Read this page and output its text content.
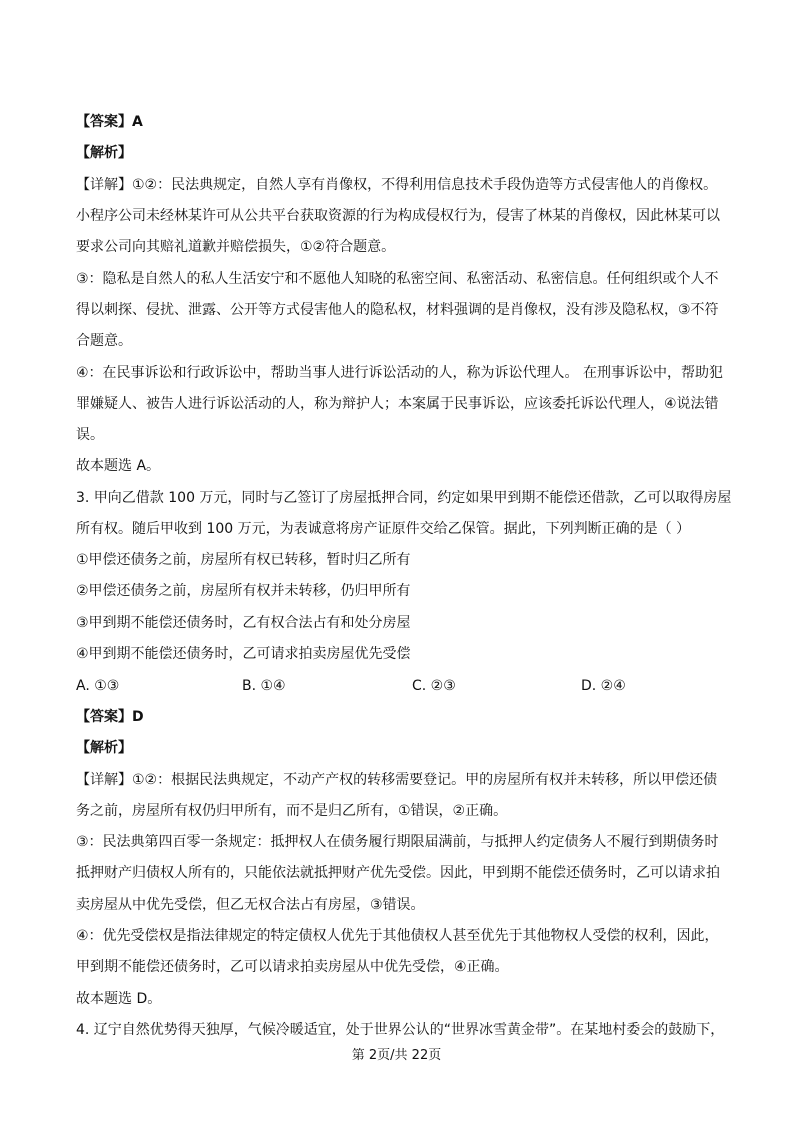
【答案】A
【解析】
【详解】①②：民法典规定，自然人享有肖像权，不得利用信息技术手段伪造等方式侵害他人的肖像权。
小程序公司未经林某许可从公共平台获取资源的行为构成侵权行为，侵害了林某的肖像权，因此林某可以
要求公司向其赔礼道歉并赔偿损失，①②符合题意。
③：隐私是自然人的私人生活安宁和不愿他人知晓的私密空间、私密活动、私密信息。任何组织或个人不
得以刺探、侵扰、泄露、公开等方式侵害他人的隐私权，材料强调的是肖像权，没有涉及隐私权，③不符
合题意。
④：在民事诉讼和行政诉讼中，帮助当事人进行诉讼活动的人，称为诉讼代理人。 在刑事诉讼中，帮助犯
罪嫌疑人、被告人进行诉讼活动的人，称为辩护人；本案属于民事诉讼，应该委托诉讼代理人，④说法错
误。
故本题选 A。
3. 甲向乙借款 100 万元，同时与乙签订了房屋抵押合同，约定如果甲到期不能偿还借款，乙可以取得房屋
所有权。随后甲收到 100 万元，为表诚意将房产证原件交给乙保管。据此，下列判断正确的是（ ）
①甲偿还债务之前，房屋所有权已转移，暂时归乙所有
②甲偿还债务之前，房屋所有权并未转移，仍归甲所有
③甲到期不能偿还债务时，乙有权合法占有和处分房屋
④甲到期不能偿还债务时，乙可请求拍卖房屋优先受偿
A. ①③	B. ①④	C. ②③	D. ②④
【答案】D
【解析】
【详解】①②：根据民法典规定，不动产产权的转移需要登记。甲的房屋所有权并未转移，所以甲偿还债
务之前，房屋所有权仍归甲所有，而不是归乙所有，①错误，②正确。
③：民法典第四百零一条规定：抵押权人在债务履行期限届满前，与抵押人约定债务人不履行到期债务时
抵押财产归债权人所有的，只能依法就抵押财产优先受偿。因此，甲到期不能偿还债务时，乙可以请求拍
卖房屋从中优先受偿，但乙无权合法占有房屋，③错误。
④：优先受偿权是指法律规定的特定债权人优先于其他债权人甚至优先于其他物权人受偿的权利，因此，
甲到期不能偿还债务时，乙可以请求拍卖房屋从中优先受偿，④正确。
故本题选 D。
4. 辽宁自然优势得天独厚，气候冷暖适宜，处于世界公认的“世界冰雪黄金带”。在某地村委会的鼓励下，
第 2页/共 22页
